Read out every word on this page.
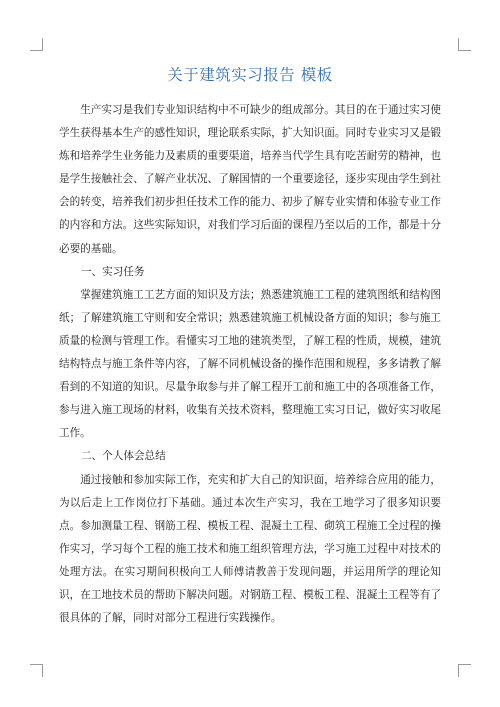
关于建筑实习报告 模板

生产实习是我们专业知识结构中不可缺少的组成部分。其目的在于通过实习使学生获得基本生产的感性知识，理论联系实际，扩大知识面。同时专业实习又是锻炼和培养学生业务能力及素质的重要渠道，培养当代学生具有吃苦耐劳的精神，也是学生接触社会、了解产业状况、了解国情的一个重要途径，逐步实现由学生到社会的转变，培养我们初步担任技术工作的能力、初步了解专业实情和体验专业工作的内容和方法。这些实际知识，对我们学习后面的课程乃至以后的工作，都是十分必要的基础。

一、实习任务

掌握建筑施工工艺方面的知识及方法；熟悉建筑施工工程的建筑图纸和结构图纸；了解建筑施工守则和安全常识；熟悉建筑施工机械设备方面的知识；参与施工质量的检测与管理工作。看懂实习工地的建筑类型，了解工程的性质，规模，建筑结构特点与施工条件等内容，了解不同机械设备的操作范围和规程，多多请教了解看到的不知道的知识。尽量争取参与并了解工程开工前和施工中的各项准备工作，参与进入施工现场的材料，收集有关技术资料，整理施工实习日记，做好实习收尾工作。

二、个人体会总结

通过接触和参加实际工作，充实和扩大自己的知识面，培养综合应用的能力，为以后走上工作岗位打下基础。通过本次生产实习，我在工地学习了很多知识要点。参加测量工程、钢筋工程、模板工程、混凝土工程、砌筑工程施工全过程的操作实习，学习每个工程的施工技术和施工组织管理方法，学习施工过程中对技术的处理方法。在实习期间积极向工人师傅请教善于发现问题，并运用所学的理论知识，在工地技术员的帮助下解决问题。对钢筋工程、模板工程、混凝土工程等有了很具体的了解，同时对部分工程进行实践操作。
